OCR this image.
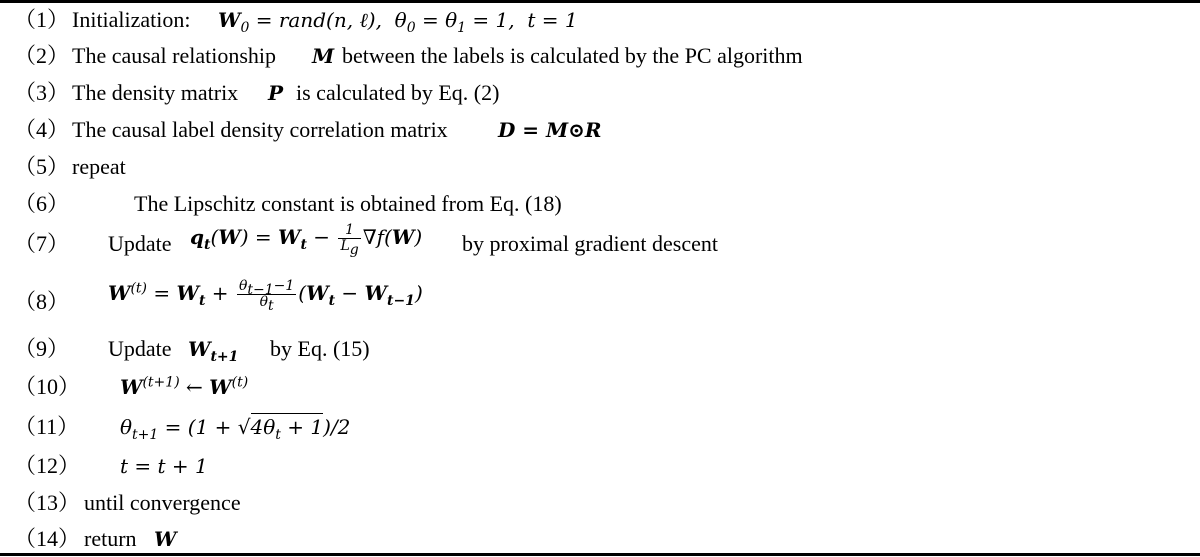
（1） Initialization: $W_0$ = rand(n, ℓ),  $\theta_0 = \theta_1 = 1$,  t = 1
（2） The causal relationship M between the labels is calculated by the PC algorithm
（3） The density matrix P is calculated by Eq. (2)
（4） The causal label density correlation matrix	D = M⊙R
（5） repeat
（6）	The Lipschitz constant is obtained from Eq. (18)
（7） Update $q_t(W) = W_t - \frac{1}{L_g} \nabla f(W)$ by proximal gradient descent
（8） $W^{(t)} = W_t + \frac{\theta_{t-1}-1}{\theta_t} (W_t - W_{t-1})$
（9） Update $W_{t+1}$ by Eq. (15)
（10） $W^{(t+1)}$ ← $W^{(t)}$
（11） $\theta_{t+1} = (1 + √4\theta_t + 1)/2$
（12） t = t + 1
（13） until convergence
（14） return W
